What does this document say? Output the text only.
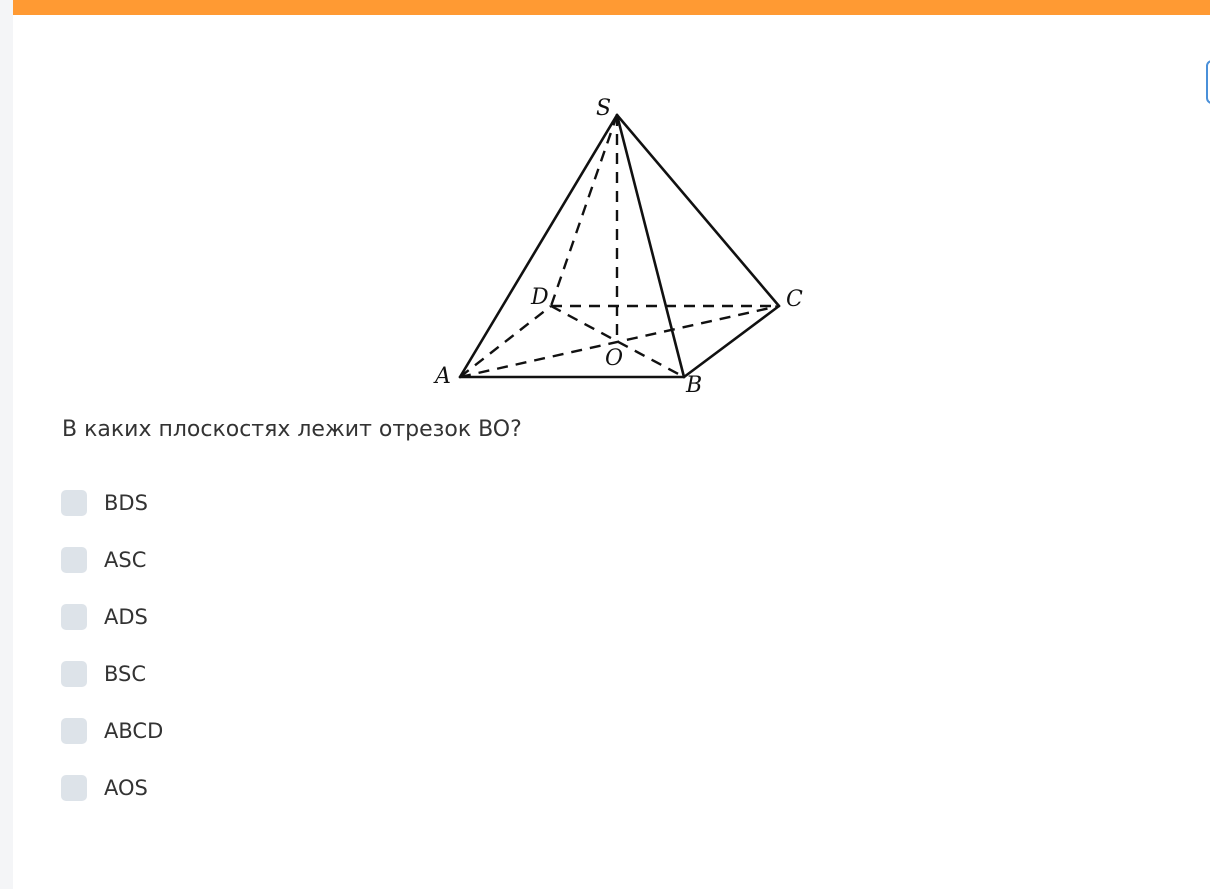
S
D	C
A
O
B

В каких плоскостях лежит отрезок BO?

BDS
ASC
ADS
BSC
ABCD
AOS
